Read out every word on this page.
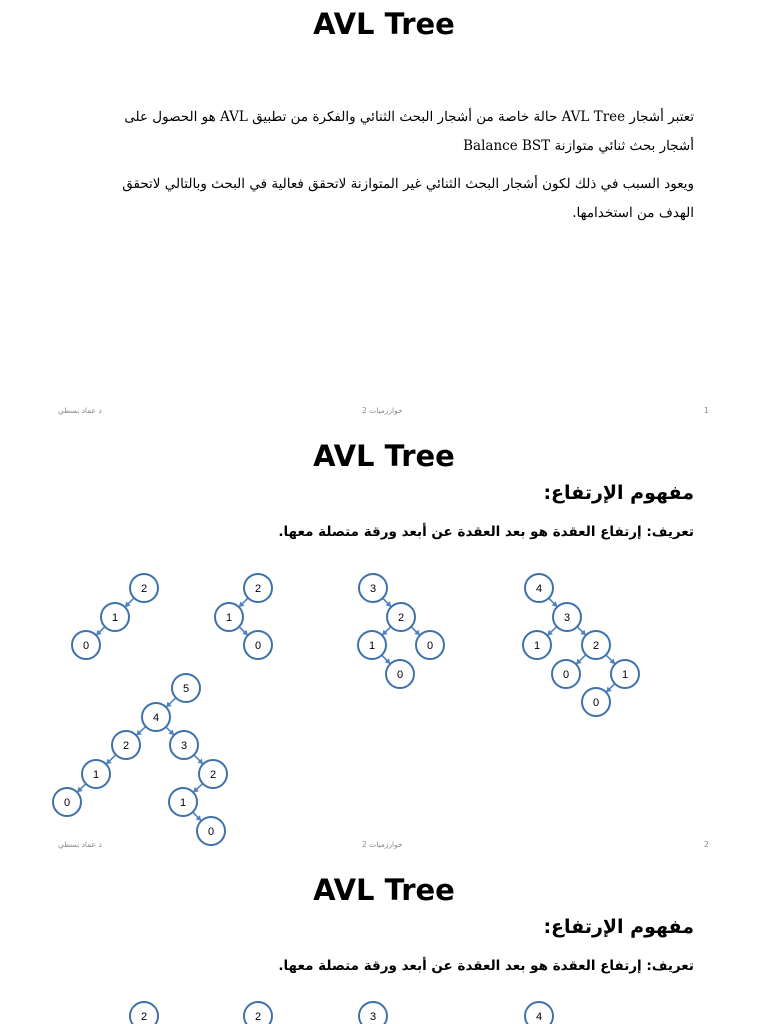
AVL Tree

تعتبر أشجار AVL Tree حالة خاصة من أشجار البحث الثنائي والفكرة من تطبيق AVL هو الحصول على أشجار بحث ثنائي متوازنة Balance BST

ويعود السبب في ذلك لكون أشجار البحث الثنائي غير المتوازنة لاتحقق فعالية في البحث وبالتالي لاتحقق الهدف من استخدامها.

د عماد بسطي	خوارزميات 2	1
AVL Tree
مفهوم الإرتفاع:
تعريف: إرتفاع العقدة هو بعد العقدة عن أبعد ورقة متصلة معها.
2
1
0
2
1
0
3
2
1	0
0
4
3
1	2
0	1
0
5
4
2	3
1	2
0	1
0
د عماد بسطي	خوارزميات 2	2
AVL Tree
مفهوم الإرتفاع:
تعريف: إرتفاع العقدة هو بعد العقدة عن أبعد ورقة متصلة معها.
2	2	3	4
